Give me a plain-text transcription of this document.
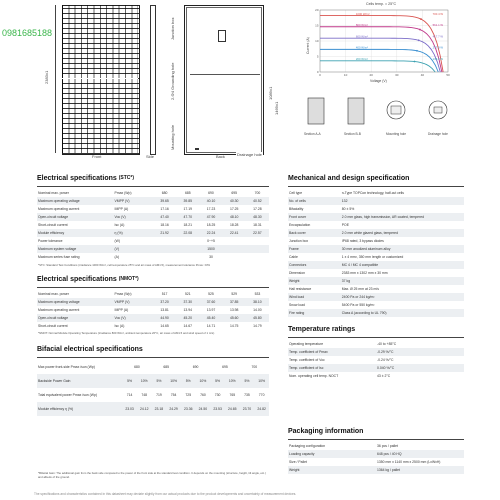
0981685188
Front
2383±1
Side	Back	Drainage hole
Junction box
2-Φ4 Grounding hole
Mounting hole
1089±1
1469±1
Section A-A	Section B-B	Mounting hole	Drainage hole
Cells temp. = 25°C
Current (A)
Voltage (V)
0	10	20	30	40	50
0
5
10
15
20
1000 W/m²	700.4 W
800 W/m²	561.1 W
600 W/m²	417.7 W
400 W/m²	277.9 W
200 W/m²	136.0 W
Electrical specifications $^{(STC*)}$
Nominal max. power	Pmax (Wp)	680	685	690	695	700
Maximum operating voltage	VMPP (V)	39.65	39.85	40.10	40.30	40.52
Maximum operating current	IMPP (A)	17.16	17.19	17.23	17.25	17.28
Open-circuit voltage	Voc (V)	47.40	47.70	47.90	48.10	48.30
Short-circuit current	Isc (A)	18.16	18.21	18.25	18.28	18.31
Module efficiency	η (%)	21.92	22.08	22.24	22.41	22.57
Power tolerance	(W)			0~+5		
Maximum system voltage	(V)			1500		
Maximum series fuse rating	(A)			30		
*STC: Standard Test Conditions (irradiance 1000 W/m², cell temperature 25°C and air mass of AM1.5), measurement tolerance Pmax: ±3%
Electrical specifications $^{(NMOT*)}$
Nominal max. power	Pmax (Wp)	517	521	525	529	533
Maximum operating voltage	VMPP (V)	37.20	37.30	37.60	37.85	38.10
Maximum operating current	IMPP (A)	13.81	13.94	13.97	13.98	14.00
Open-circuit voltage	Voc (V)	44.90	45.20	45.40	45.60	45.80
Short-circuit current	Isc (A)	14.65	14.67	14.71	14.75	14.79
*NMOT: Normal Module Operating Temperature (irradiance 800 W/m², ambient temperature 20°C, air mass of AM1.5 and wind speed of 1 m/s)
Bifacial electrical specifications
Max power front-side Pmax /sun (Wp)	680		685		690		695		700	
Backside Power Gain	5%	10%	5%	10%	5%	10%	5%	10%	5%	10%
Total equivalent power Pmax /sun (Wp)	714	748	719	754	725	760	730	765	735	770
Module efficiency η (%)	23.03	24.12	23.18	24.29	23.36	24.50	23.53	24.65	23.70	24.82
*Bifacial Gain: The additional gain from the back side compared to the power of the front side at the standard test condition. It depends on the mounting (structure, height, tilt angle, etc.) and albedo of the ground.
Mechanical and design specification
Cell type	n-Type TOPCon technology, half-cut cells
No. of cells	132
Bifaciality	80 ± 5%
Front cover	2.0 mm glass, high transmission, AR coated, tempered
Encapsulation	POE
Back cover	2.0 mm white glazed glass, tempered
Junction box	IP68 rated, 3 bypass diodes
Frame	30 mm anodized aluminum alloy
Cable	1 x 4 mm², 350 mm length or customized
Connectors	MC 4 / MC 4 compatible
Dimension	2383 mm x 1302 mm x 30 mm
Weight	37 kg
Hail resistance	Max. Ø 25 mm at 23 m/s
Wind load	2400 Pa or 244 kg/m²
Snow load	5400 Pa or 550 kg/m²
Fire rating	Class A (according to UL 790)
Temperature ratings
Operating temperature	-40 to +85°C
Temp. coefficient of Pmax	-0.29 %/°C
Temp. coefficient of Voc	-0.24 %/°C
Temp. coefficient of Isc	0.040 %/°C
Nom. operating cell temp. NOCT	43 ± 2°C
Packaging information
Packaging configuration	36 pcs / pallet
Loading capacity	648 pcs / 40 HQ
Size / Pallet	1350 mm x 1140 mm x 2500 mm (LxWxH)
Weight	1364 kg / pallet
The specifications and characteristics contained in this datasheet may deviate slightly from our actual products due to the product developments and uncertainty of measurement devices.
